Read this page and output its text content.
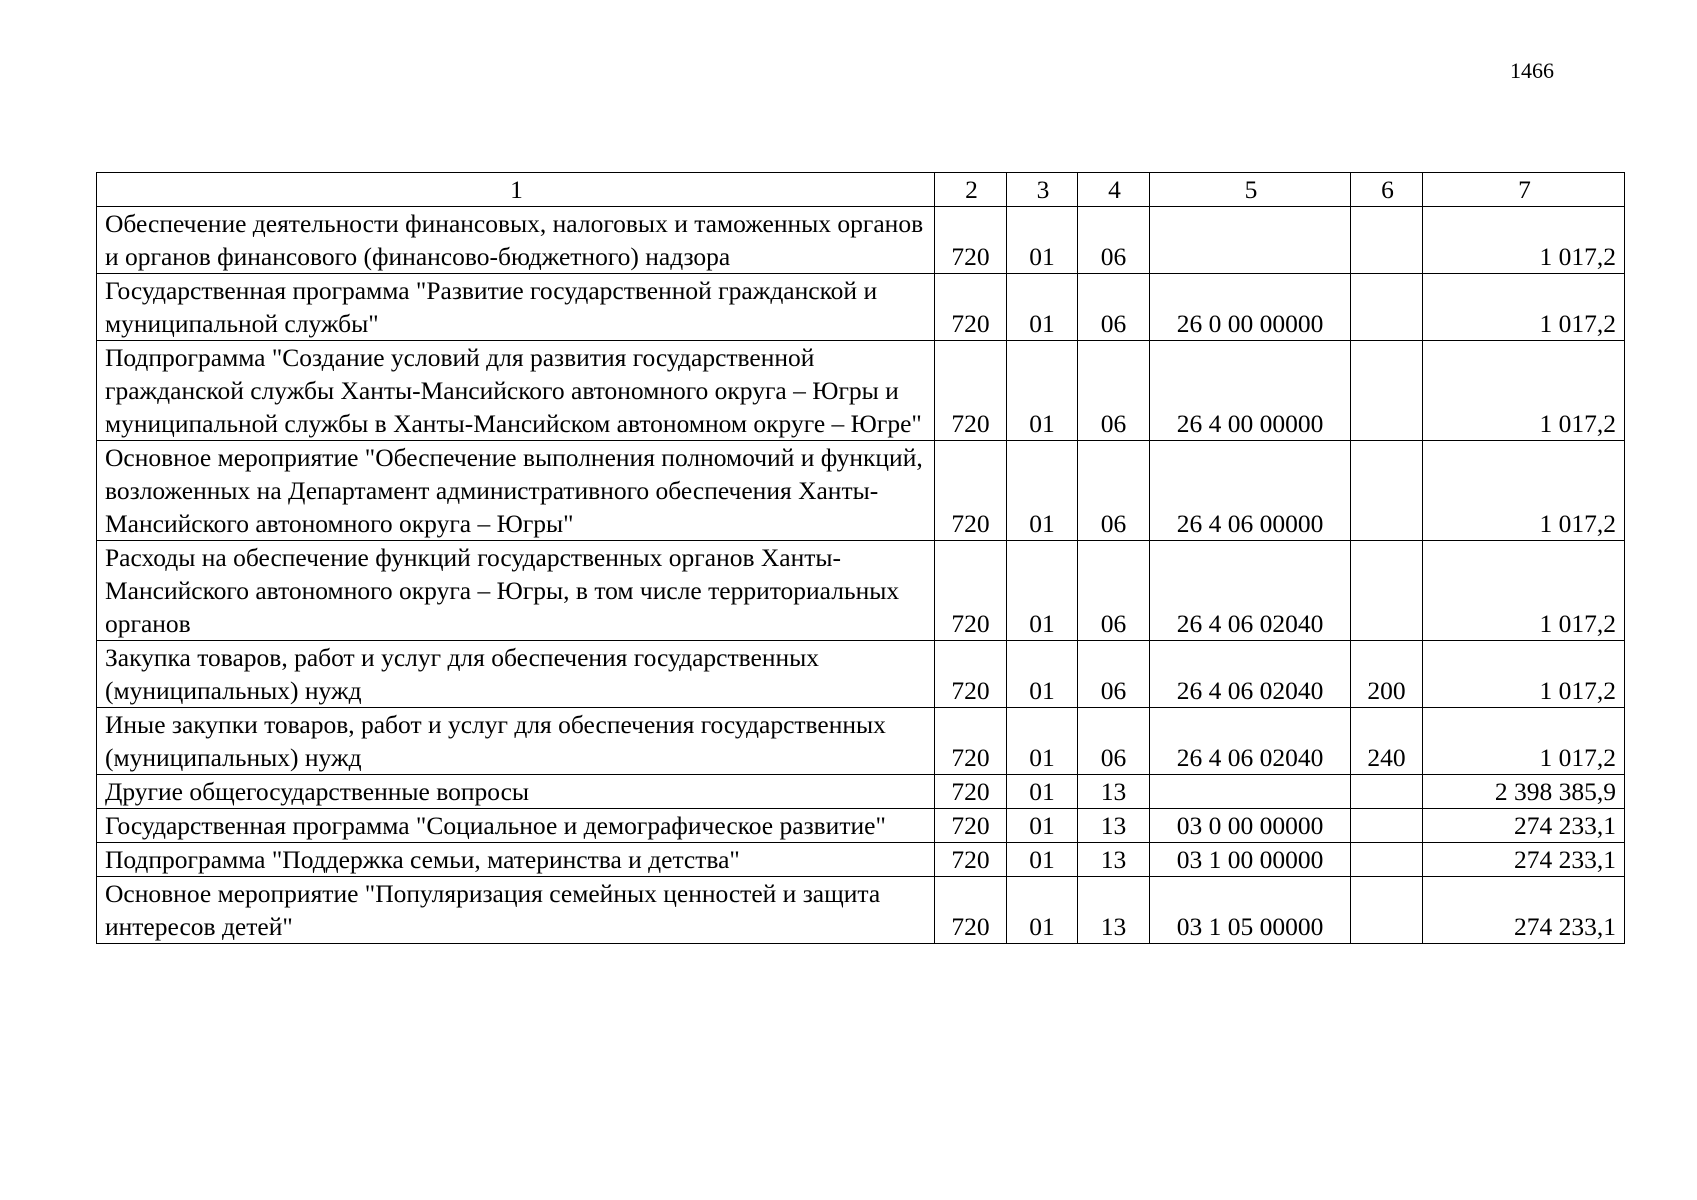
1466
1	2	3	4	5	6	7
Обеспечение деятельности финансовых, налоговых и таможенных органов и органов финансового (финансово-бюджетного) надзора	720	01	06			1 017,2
Государственная программа "Развитие государственной гражданской и муниципальной службы"	720	01	06	26 0 00 00000		1 017,2
Подпрограмма "Создание условий для развития государственной гражданской службы Ханты-Мансийского автономного округа – Югры и муниципальной службы в Ханты-Мансийском автономном округе – Югре"	720	01	06	26 4 00 00000		1 017,2
Основное мероприятие "Обеспечение выполнения полномочий и функций, возложенных на Департамент административного обеспечения Ханты-Мансийского автономного округа – Югры"	720	01	06	26 4 06 00000		1 017,2
Расходы на обеспечение функций государственных органов Ханты-Мансийского автономного округа – Югры, в том числе территориальных органов	720	01	06	26 4 06 02040		1 017,2
Закупка товаров, работ и услуг для обеспечения государственных (муниципальных) нужд	720	01	06	26 4 06 02040	200	1 017,2
Иные закупки товаров, работ и услуг для обеспечения государственных (муниципальных) нужд	720	01	06	26 4 06 02040	240	1 017,2
Другие общегосударственные вопросы	720	01	13			2 398 385,9
Государственная программа "Социальное и демографическое развитие"	720	01	13	03 0 00 00000		274 233,1
Подпрограмма "Поддержка семьи, материнства и детства"	720	01	13	03 1 00 00000		274 233,1
Основное мероприятие "Популяризация семейных ценностей и защита интересов детей"	720	01	13	03 1 05 00000		274 233,1
